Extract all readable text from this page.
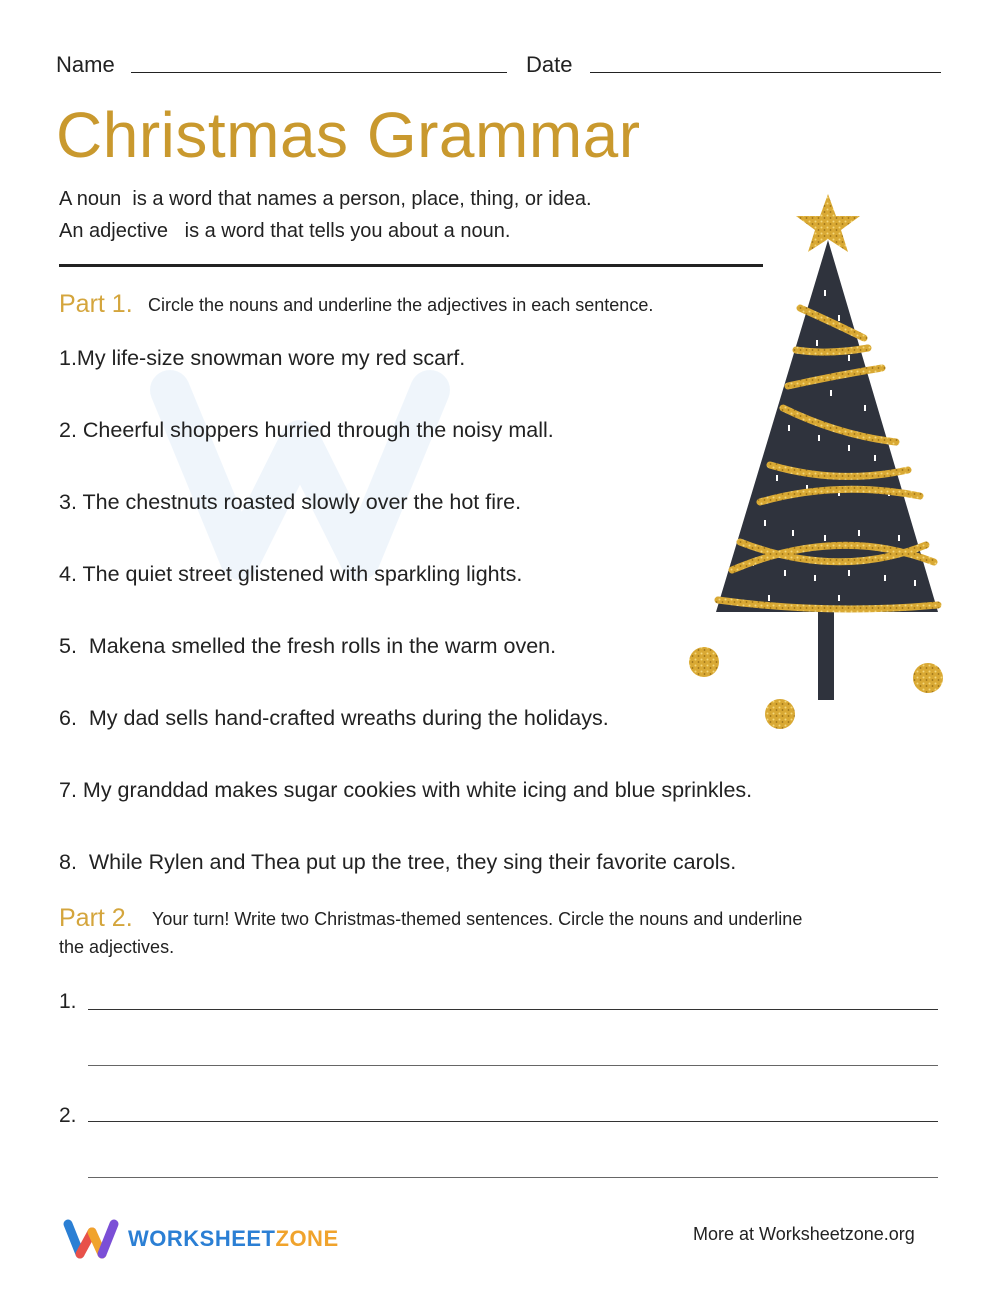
Name	Date
Christmas Grammar
A noun  is a word that names a person, place, thing, or idea.
An adjective   is a word that tells you about a noun.
Part 1. Circle the nouns and underline the adjectives in each sentence.
1.My life-size snowman wore my red scarf.
2. Cheerful shoppers hurried through the noisy mall.
3. The chestnuts roasted slowly over the hot fire.
4. The quiet street glistened with sparkling lights.
5.  Makena smelled the fresh rolls in the warm oven.
6.  My dad sells hand-crafted wreaths during the holidays.
7. My granddad makes sugar cookies with white icing and blue sprinkles.
8.  While Rylen and Thea put up the tree, they sing their favorite carols.
Part 2. Your turn! Write two Christmas-themed sentences. Circle the nouns and underline
the adjectives.
1.
2.
WORKSHEETZONE	More at Worksheetzone.org
